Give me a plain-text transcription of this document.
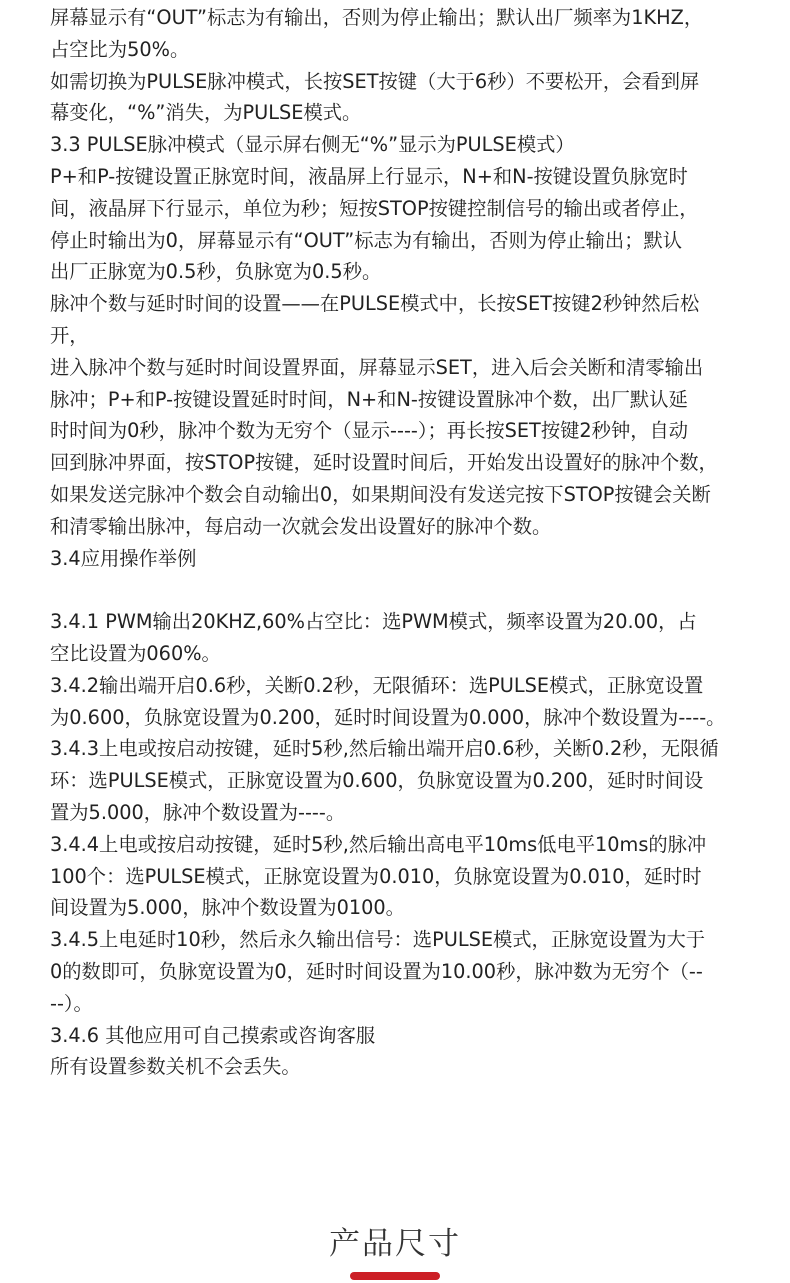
屏幕显示有“OUT”标志为有输出，否则为停止输出；默认出厂频率为1KHZ，
占空比为50%。
如需切换为PULSE脉冲模式，长按SET按键（大于6秒）不要松开，会看到屏
幕变化，“%”消失，为PULSE模式。
3.3 PULSE脉冲模式（显示屏右侧无“%”显示为PULSE模式）
P+和P-按键设置正脉宽时间，液晶屏上行显示，N+和N-按键设置负脉宽时
间，液晶屏下行显示，单位为秒；短按STOP按键控制信号的输出或者停止，
停止时输出为0，屏幕显示有“OUT”标志为有输出，否则为停止输出；默认
出厂正脉宽为0.5秒，负脉宽为0.5秒。
脉冲个数与延时时间的设置——在PULSE模式中，长按SET按键2秒钟然后松
开，
进入脉冲个数与延时时间设置界面，屏幕显示SET，进入后会关断和清零输出
脉冲；P+和P-按键设置延时时间，N+和N-按键设置脉冲个数，出厂默认延
时时间为0秒，脉冲个数为无穷个（显示----）；再长按SET按键2秒钟，自动
回到脉冲界面，按STOP按键，延时设置时间后，开始发出设置好的脉冲个数，
如果发送完脉冲个数会自动输出0，如果期间没有发送完按下STOP按键会关断
和清零输出脉冲，每启动一次就会发出设置好的脉冲个数。
3.4应用操作举例
3.4.1 PWM输出20KHZ,60%占空比：选PWM模式，频率设置为20.00，占
空比设置为060%。
3.4.2输出端开启0.6秒，关断0.2秒，无限循环：选PULSE模式，正脉宽设置
为0.600，负脉宽设置为0.200，延时时间设置为0.000，脉冲个数设置为----。
3.4.3上电或按启动按键，延时5秒,然后输出端开启0.6秒，关断0.2秒，无限循
环：选PULSE模式，正脉宽设置为0.600，负脉宽设置为0.200，延时时间设
置为5.000，脉冲个数设置为----。
3.4.4上电或按启动按键，延时5秒,然后输出高电平10ms低电平10ms的脉冲
100个：选PULSE模式，正脉宽设置为0.010，负脉宽设置为0.010，延时时
间设置为5.000，脉冲个数设置为0100。
3.4.5上电延时10秒，然后永久输出信号：选PULSE模式，正脉宽设置为大于
0的数即可，负脉宽设置为0，延时时间设置为10.00秒，脉冲数为无穷个（--
--）。
3.4.6 其他应用可自己摸索或咨询客服
所有设置参数关机不会丢失。
产品尺寸
